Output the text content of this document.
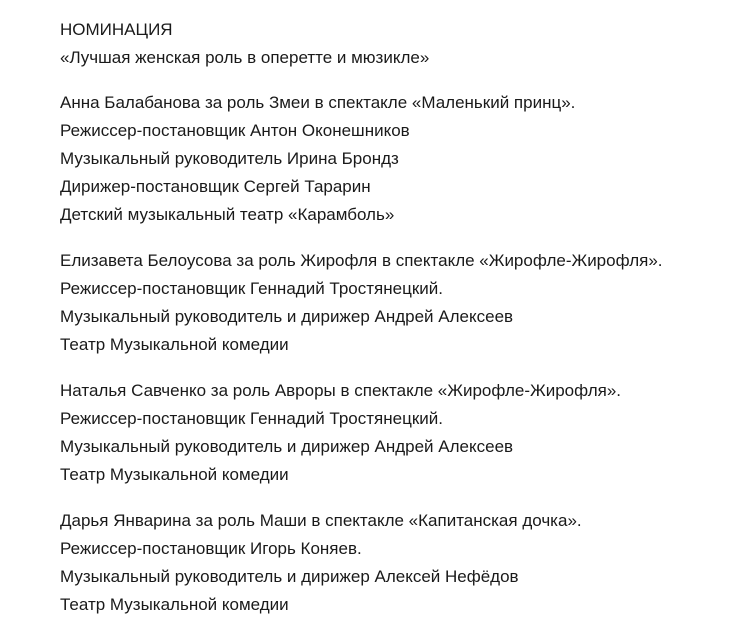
НОМИНАЦИЯ
«Лучшая женская роль в оперетте и мюзикле»
Анна Балабанова за роль Змеи в спектакле «Маленький принц».
Режиссер-постановщик Антон Оконешников
Музыкальный руководитель Ирина Брондз
Дирижер-постановщик Сергей Тарарин
Детский музыкальный театр «Карамболь»
Елизавета Белоусова за роль Жирофля в спектакле «Жирофле-Жирофля».
Режиссер-постановщик Геннадий Тростянецкий.
Музыкальный руководитель и дирижер Андрей Алексеев
Театр Музыкальной комедии
Наталья Савченко за роль Авроры в спектакле «Жирофле-Жирофля».
Режиссер-постановщик Геннадий Тростянецкий.
Музыкальный руководитель и дирижер Андрей Алексеев
Театр Музыкальной комедии
Дарья Январина за роль Маши в спектакле «Капитанская дочка».
Режиссер-постановщик Игорь Коняев.
Музыкальный руководитель и дирижер Алексей Нефёдов
Театр Музыкальной комедии
